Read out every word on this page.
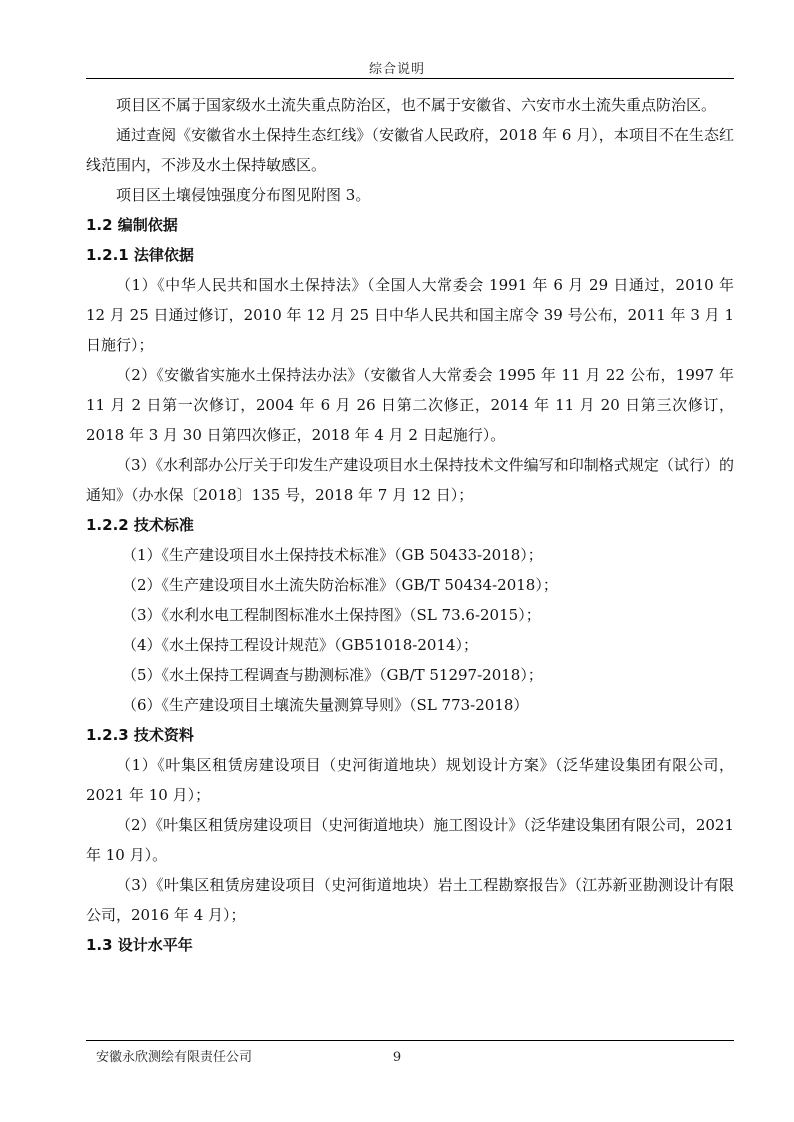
综合说明

项目区不属于国家级水土流失重点防治区，也不属于安徽省、六安市水土流失重点防治区。

通过查阅《安徽省水土保持生态红线》（安徽省人民政府，2018 年 6 月），本项目不在生态红线范围内，不涉及水土保持敏感区。

项目区土壤侵蚀强度分布图见附图 3。

1.2 编制依据
1.2.1 法律依据

（1）《中华人民共和国水土保持法》（全国人大常委会 1991 年 6 月 29 日通过，2010 年 12 月 25 日通过修订，2010 年 12 月 25 日中华人民共和国主席令 39 号公布，2011 年 3 月 1 日施行）；

（2）《安徽省实施水土保持法办法》（安徽省人大常委会 1995 年 11 月 22 公布，1997 年 11 月 2 日第一次修订，2004 年 6 月 26 日第二次修正，2014 年 11 月 20 日第三次修订，2018 年 3 月 30 日第四次修正，2018 年 4 月 2 日起施行）。

（3）《水利部办公厅关于印发生产建设项目水土保持技术文件编写和印制格式规定（试行）的通知》（办水保〔2018〕135 号，2018 年 7 月 12 日）；

1.2.2 技术标准

（1）《生产建设项目水土保持技术标准》（GB 50433-2018）；

（2）《生产建设项目水土流失防治标准》（GB/T 50434-2018）；

（3）《水利水电工程制图标准水土保持图》（SL 73.6-2015）；

（4）《水土保持工程设计规范》（GB51018-2014）；

（5）《水土保持工程调查与勘测标准》（GB/T 51297-2018）；

（6）《生产建设项目土壤流失量测算导则》（SL 773-2018）

1.2.3 技术资料

（1）《叶集区租赁房建设项目（史河街道地块）规划设计方案》（泛华建设集团有限公司，2021 年 10 月）；

（2）《叶集区租赁房建设项目（史河街道地块）施工图设计》（泛华建设集团有限公司，2021 年 10 月）。

（3）《叶集区租赁房建设项目（史河街道地块）岩土工程勘察报告》（江苏新亚勘测设计有限公司，2016 年 4 月）；

1.3 设计水平年
安徽永欣测绘有限责任公司	9
